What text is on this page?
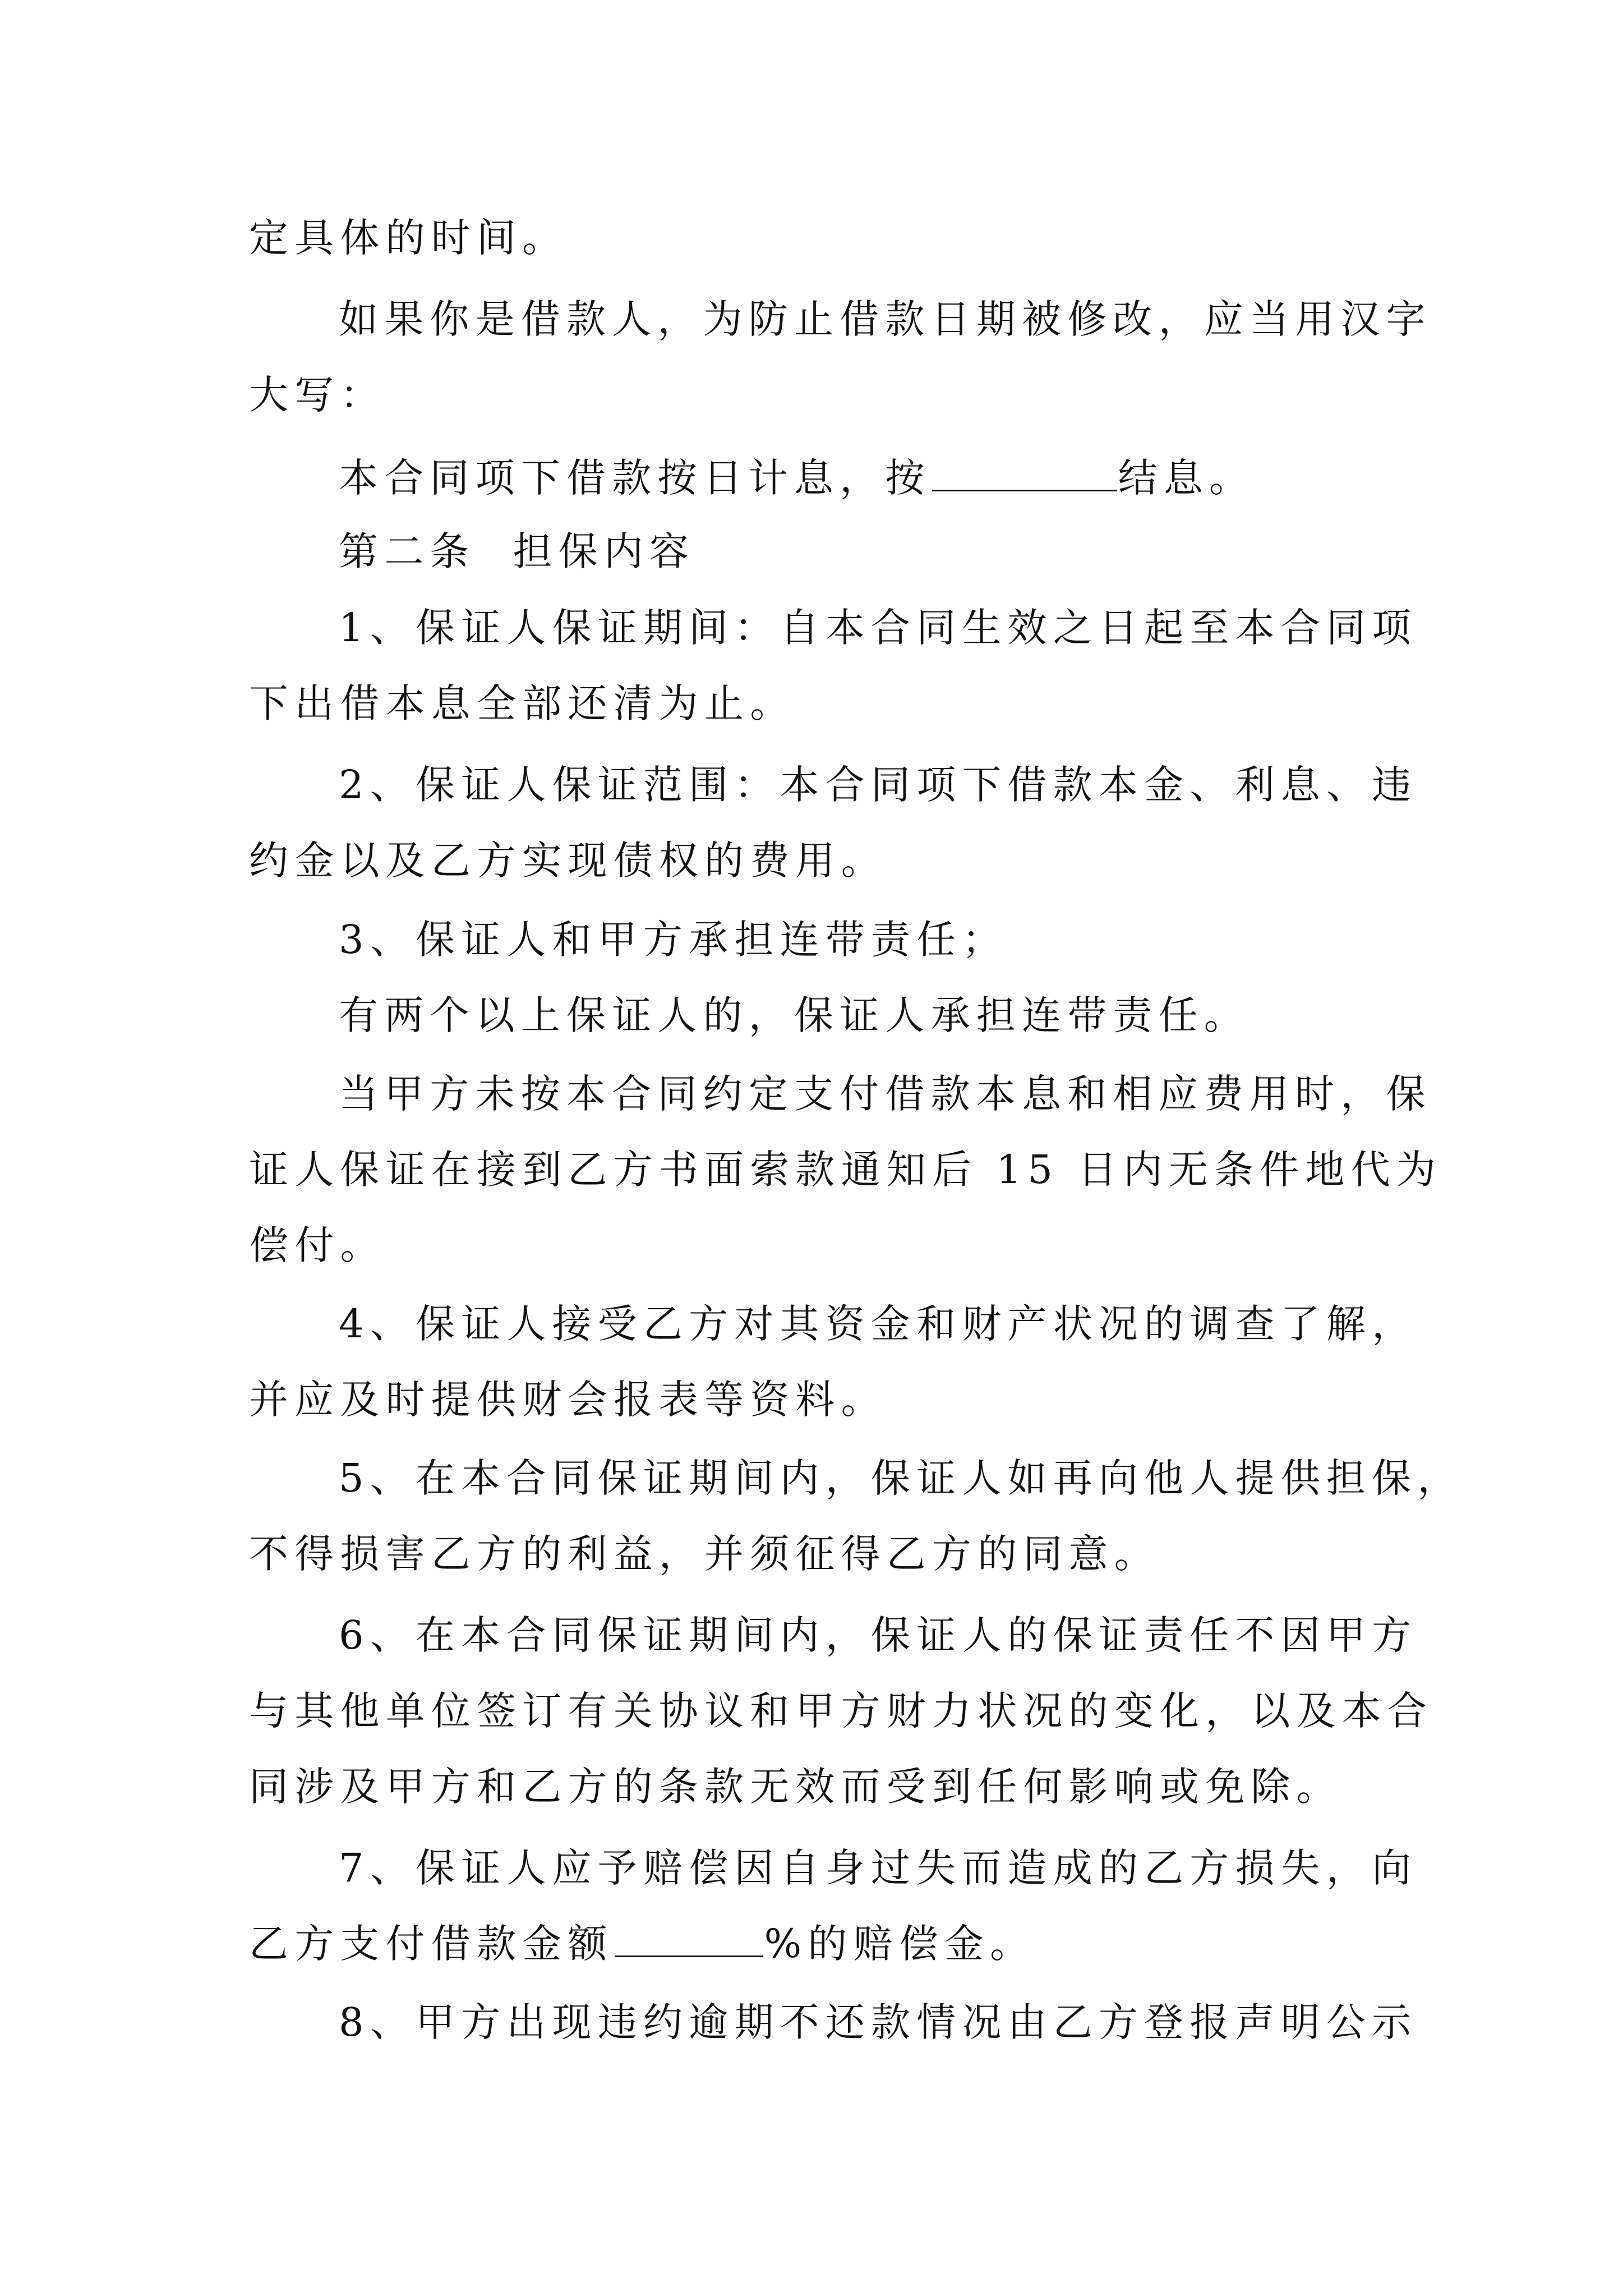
定具体的时间。
如果你是借款人，为防止借款日期被修改，应当用汉字
大写：
本合同项下借款按日计息，按	结息。
第二条  担保内容
1、保证人保证期间：自本合同生效之日起至本合同项
下出借本息全部还清为止。
2、保证人保证范围：本合同项下借款本金、利息、违
约金以及乙方实现债权的费用。
3、保证人和甲方承担连带责任；
有两个以上保证人的，保证人承担连带责任。
当甲方未按本合同约定支付借款本息和相应费用时，保
证人保证在接到乙方书面索款通知后 15 日内无条件地代为
偿付。
4、保证人接受乙方对其资金和财产状况的调查了解，
并应及时提供财会报表等资料。
5、在本合同保证期间内，保证人如再向他人提供担保，
不得损害乙方的利益，并须征得乙方的同意。
6、在本合同保证期间内，保证人的保证责任不因甲方
与其他单位签订有关协议和甲方财力状况的变化，以及本合
同涉及甲方和乙方的条款无效而受到任何影响或免除。
7、保证人应予赔偿因自身过失而造成的乙方损失，向
乙方支付借款金额	%的赔偿金。
8、甲方出现违约逾期不还款情况由乙方登报声明公示
